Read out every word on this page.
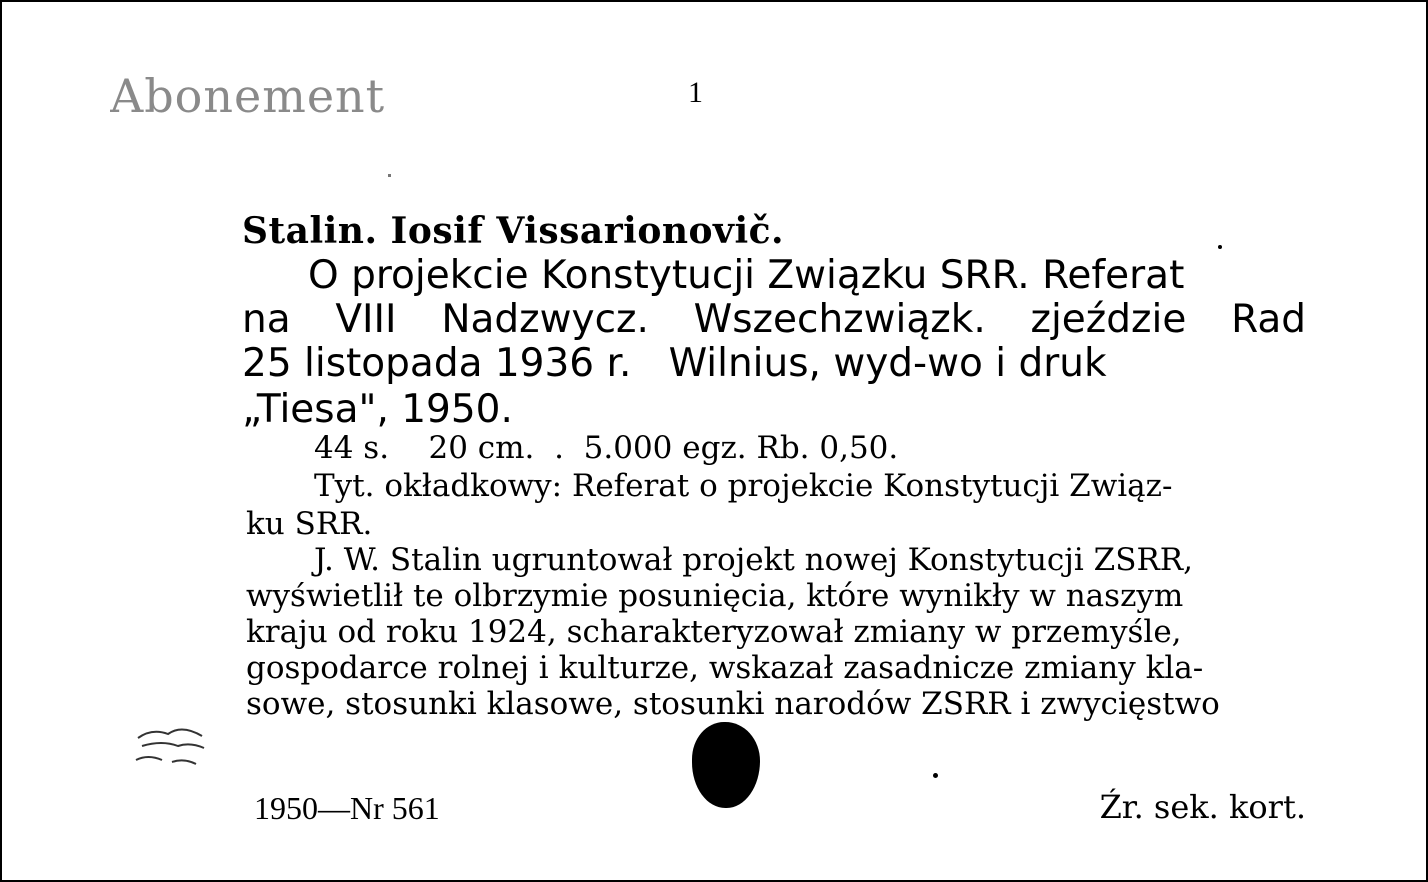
Abonement	1
Stalin. Iosif Vissarionovič.
O projekcie Konstytucji Związku SRR. Referat
na VIII Nadzwycz. Wszechzwiązk. zjeździe Rad
25 listopada 1936 r.   Wilnius, wyd-wo i druk
„Tiesa", 1950.
44 s.    20 cm.  .  5.000 egz. Rb. 0,50.
Tyt. okładkowy: Referat o projekcie Konstytucji Związ-
ku SRR.
J. W. Stalin ugruntował projekt nowej Konstytucji ZSRR,
wyświetlił te olbrzymie posunięcia, które wynikły w naszym
kraju od roku 1924, scharakteryzował zmiany w przemyśle,
gospodarce rolnej i kulturze, wskazał zasadnicze zmiany kla-
sowe, stosunki klasowe, stosunki narodów ZSRR i zwycięstwo
1950—Nr 561	Źr. sek. kort.
